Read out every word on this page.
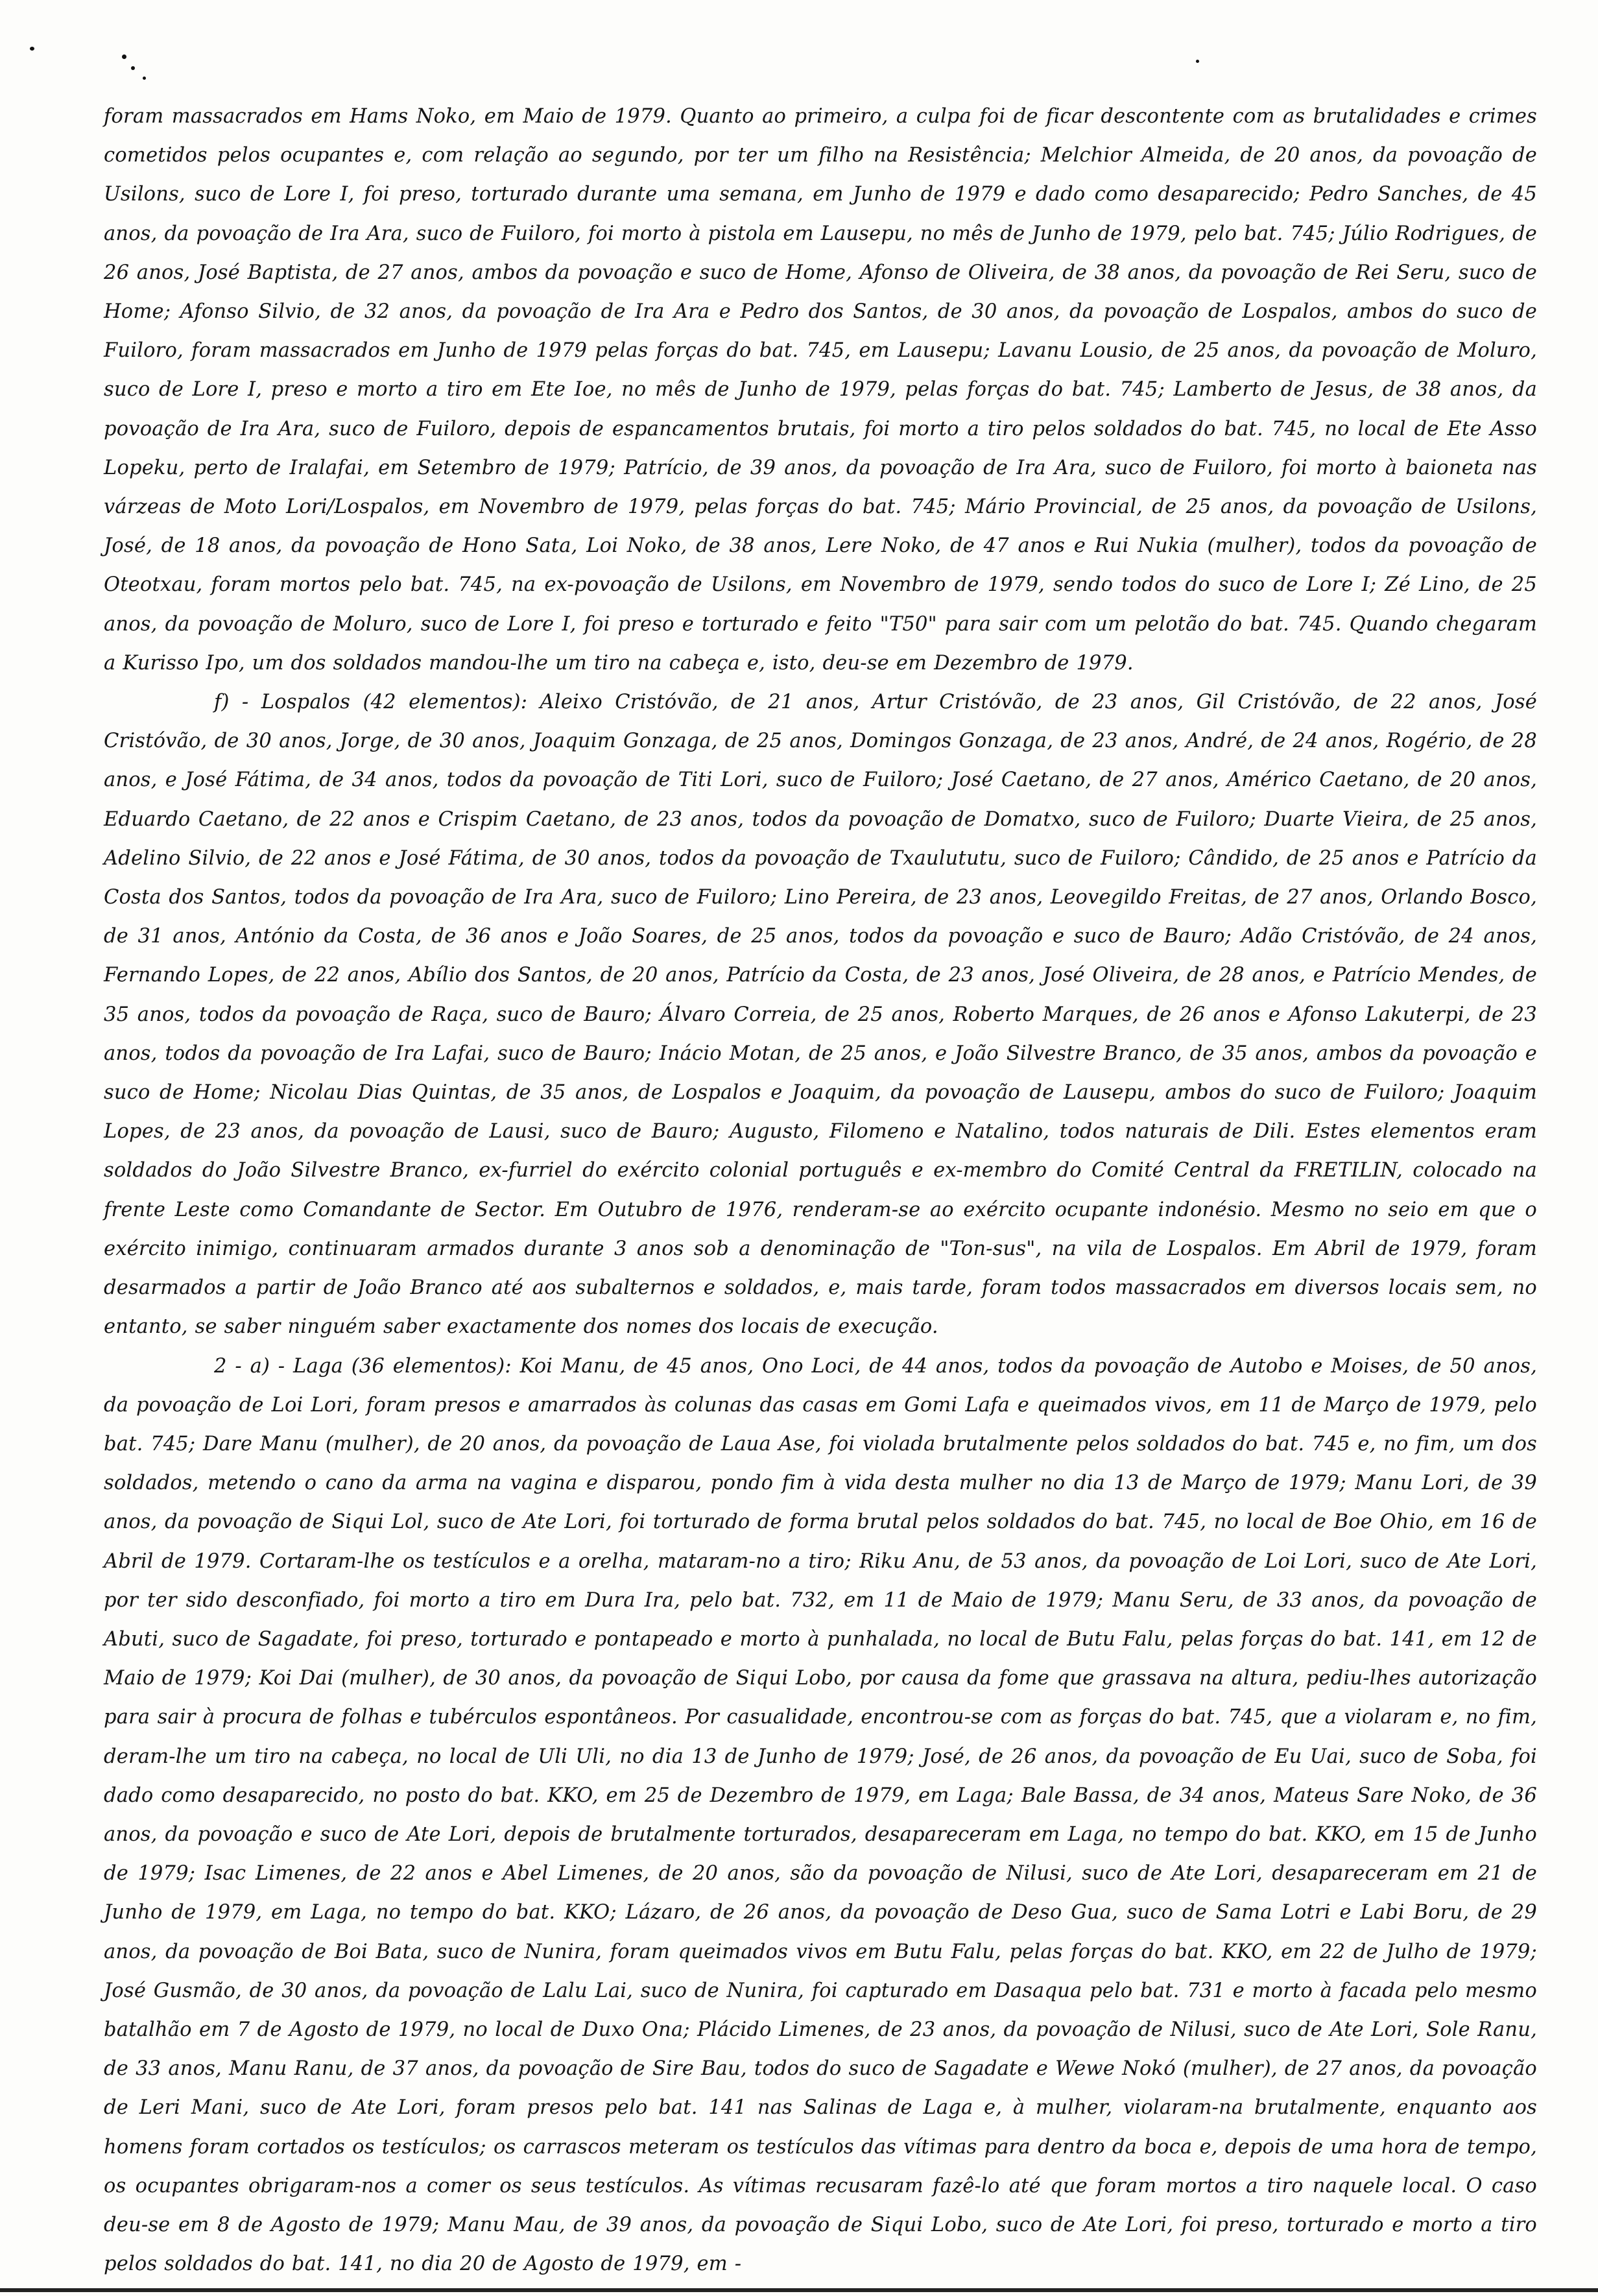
foram massacrados em Hams Noko, em Maio de 1979. Quanto ao primeiro, a culpa foi de ficar descontente com as brutalidades e crimes cometidos pelos ocupantes e, com relação ao segundo, por ter um filho na Resistência; Melchior Almeida, de 20 anos, da povoação de Usilons, suco de Lore I, foi preso, torturado durante uma semana, em Junho de 1979 e dado como desaparecido; Pedro Sanches, de 45 anos, da povoação de Ira Ara, suco de Fuiloro, foi morto à pistola em Lausepu, no mês de Junho de 1979, pelo bat. 745; Júlio Rodrigues, de 26 anos, José Baptista, de 27 anos, ambos da povoação e suco de Home, Afonso de Oliveira, de 38 anos, da povoação de Rei Seru, suco de Home; Afonso Silvio, de 32 anos, da povoação de Ira Ara e Pedro dos Santos, de 30 anos, da povoação de Lospalos, ambos do suco de Fuiloro, foram massacrados em Junho de 1979 pelas forças do bat. 745, em Lausepu; Lavanu Lousio, de 25 anos, da povoação de Moluro, suco de Lore I, preso e morto a tiro em Ete Ioe, no mês de Junho de 1979, pelas forças do bat. 745; Lamberto de Jesus, de 38 anos, da povoação de Ira Ara, suco de Fuiloro, depois de espancamentos brutais, foi morto a tiro pelos soldados do bat. 745, no local de Ete Asso Lopeku, perto de Iralafai, em Setembro de 1979; Patrício, de 39 anos, da povoação de Ira Ara, suco de Fuiloro, foi morto à baioneta nas várzeas de Moto Lori/Lospalos, em Novembro de 1979, pelas forças do bat. 745; Mário Provincial, de 25 anos, da povoação de Usilons, José, de 18 anos, da povoação de Hono Sata, Loi Noko, de 38 anos, Lere Noko, de 47 anos e Rui Nukia (mulher), todos da povoação de Oteotxau, foram mortos pelo bat. 745, na ex-povoação de Usilons, em Novembro de 1979, sendo todos do suco de Lore I; Zé Lino, de 25 anos, da povoação de Moluro, suco de Lore I, foi preso e torturado e feito "T50" para sair com um pelotão do bat. 745. Quando chegaram a Kurisso Ipo, um dos soldados mandou-lhe um tiro na cabeça e, isto, deu-se em Dezembro de 1979.

f) - Lospalos (42 elementos): Aleixo Cristóvão, de 21 anos, Artur Cristóvão, de 23 anos, Gil Cristóvão, de 22 anos, José Cristóvão, de 30 anos, Jorge, de 30 anos, Joaquim Gonzaga, de 25 anos, Domingos Gonzaga, de 23 anos, André, de 24 anos, Rogério, de 28 anos, e José Fátima, de 34 anos, todos da povoação de Titi Lori, suco de Fuiloro; José Caetano, de 27 anos, Américo Caetano, de 20 anos, Eduardo Caetano, de 22 anos e Crispim Caetano, de 23 anos, todos da povoação de Domatxo, suco de Fuiloro; Duarte Vieira, de 25 anos, Adelino Silvio, de 22 anos e José Fátima, de 30 anos, todos da povoação de Txaulututu, suco de Fuiloro; Cândido, de 25 anos e Patrício da Costa dos Santos, todos da povoação de Ira Ara, suco de Fuiloro; Lino Pereira, de 23 anos, Leovegildo Freitas, de 27 anos, Orlando Bosco, de 31 anos, António da Costa, de 36 anos e João Soares, de 25 anos, todos da povoação e suco de Bauro; Adão Cristóvão, de 24 anos, Fernando Lopes, de 22 anos, Abílio dos Santos, de 20 anos, Patrício da Costa, de 23 anos, José Oliveira, de 28 anos, e Patrício Mendes, de 35 anos, todos da povoação de Raça, suco de Bauro; Álvaro Correia, de 25 anos, Roberto Marques, de 26 anos e Afonso Lakuterpi, de 23 anos, todos da povoação de Ira Lafai, suco de Bauro; Inácio Motan, de 25 anos, e João Silvestre Branco, de 35 anos, ambos da povoação e suco de Home; Nicolau Dias Quintas, de 35 anos, de Lospalos e Joaquim, da povoação de Lausepu, ambos do suco de Fuiloro; Joaquim Lopes, de 23 anos, da povoação de Lausi, suco de Bauro; Augusto, Filomeno e Natalino, todos naturais de Dili. Estes elementos eram soldados do João Silvestre Branco, ex-furriel do exército colonial português e ex-membro do Comité Central da FRETILIN, colocado na frente Leste como Comandante de Sector. Em Outubro de 1976, renderam-se ao exército ocupante indonésio. Mesmo no seio em que o exército inimigo, continuaram armados durante 3 anos sob a denominação de "Ton-sus", na vila de Lospalos. Em Abril de 1979, foram desarmados a partir de João Branco até aos subalternos e soldados, e, mais tarde, foram todos massacrados em diversos locais sem, no entanto, se saber ninguém saber exactamente dos nomes dos locais de execução.

2 - a) - Laga (36 elementos): Koi Manu, de 45 anos, Ono Loci, de 44 anos, todos da povoação de Autobo e Moises, de 50 anos, da povoação de Loi Lori, foram presos e amarrados às colunas das casas em Gomi Lafa e queimados vivos, em 11 de Março de 1979, pelo bat. 745; Dare Manu (mulher), de 20 anos, da povoação de Laua Ase, foi violada brutalmente pelos soldados do bat. 745 e, no fim, um dos soldados, metendo o cano da arma na vagina e disparou, pondo fim à vida desta mulher no dia 13 de Março de 1979; Manu Lori, de 39 anos, da povoação de Siqui Lol, suco de Ate Lori, foi torturado de forma brutal pelos soldados do bat. 745, no local de Boe Ohio, em 16 de Abril de 1979. Cortaram-lhe os testículos e a orelha, mataram-no a tiro; Riku Anu, de 53 anos, da povoação de Loi Lori, suco de Ate Lori, por ter sido desconfiado, foi morto a tiro em Dura Ira, pelo bat. 732, em 11 de Maio de 1979; Manu Seru, de 33 anos, da povoação de Abuti, suco de Sagadate, foi preso, torturado e pontapeado e morto à punhalada, no local de Butu Falu, pelas forças do bat. 141, em 12 de Maio de 1979; Koi Dai (mulher), de 30 anos, da povoação de Siqui Lobo, por causa da fome que grassava na altura, pediu-lhes autorização para sair à procura de folhas e tubérculos espontâneos. Por casualidade, encontrou-se com as forças do bat. 745, que a violaram e, no fim, deram-lhe um tiro na cabeça, no local de Uli Uli, no dia 13 de Junho de 1979; José, de 26 anos, da povoação de Eu Uai, suco de Soba, foi dado como desaparecido, no posto do bat. KKO, em 25 de Dezembro de 1979, em Laga; Bale Bassa, de 34 anos, Mateus Sare Noko, de 36 anos, da povoação e suco de Ate Lori, depois de brutalmente torturados, desapareceram em Laga, no tempo do bat. KKO, em 15 de Junho de 1979; Isac Limenes, de 22 anos e Abel Limenes, de 20 anos, são da povoação de Nilusi, suco de Ate Lori, desapareceram em 21 de Junho de 1979, em Laga, no tempo do bat. KKO; Lázaro, de 26 anos, da povoação de Deso Gua, suco de Sama Lotri e Labi Boru, de 29 anos, da povoação de Boi Bata, suco de Nunira, foram queimados vivos em Butu Falu, pelas forças do bat. KKO, em 22 de Julho de 1979; José Gusmão, de 30 anos, da povoação de Lalu Lai, suco de Nunira, foi capturado em Dasaqua pelo bat. 731 e morto à facada pelo mesmo batalhão em 7 de Agosto de 1979, no local de Duxo Ona; Plácido Limenes, de 23 anos, da povoação de Nilusi, suco de Ate Lori, Sole Ranu, de 33 anos, Manu Ranu, de 37 anos, da povoação de Sire Bau, todos do suco de Sagadate e Wewe Nokó (mulher), de 27 anos, da povoação de Leri Mani, suco de Ate Lori, foram presos pelo bat. 141 nas Salinas de Laga e, à mulher, violaram-na brutalmente, enquanto aos homens foram cortados os testículos; os carrascos meteram os testículos das vítimas para dentro da boca e, depois de uma hora de tempo, os ocupantes obrigaram-nos a comer os seus testículos. As vítimas recusaram fazê-lo até que foram mortos a tiro naquele local. O caso deu-se em 8 de Agosto de 1979; Manu Mau, de 39 anos, da povoação de Siqui Lobo, suco de Ate Lori, foi preso, torturado e morto a tiro pelos soldados do bat. 141, no dia 20 de Agosto de 1979, em -
